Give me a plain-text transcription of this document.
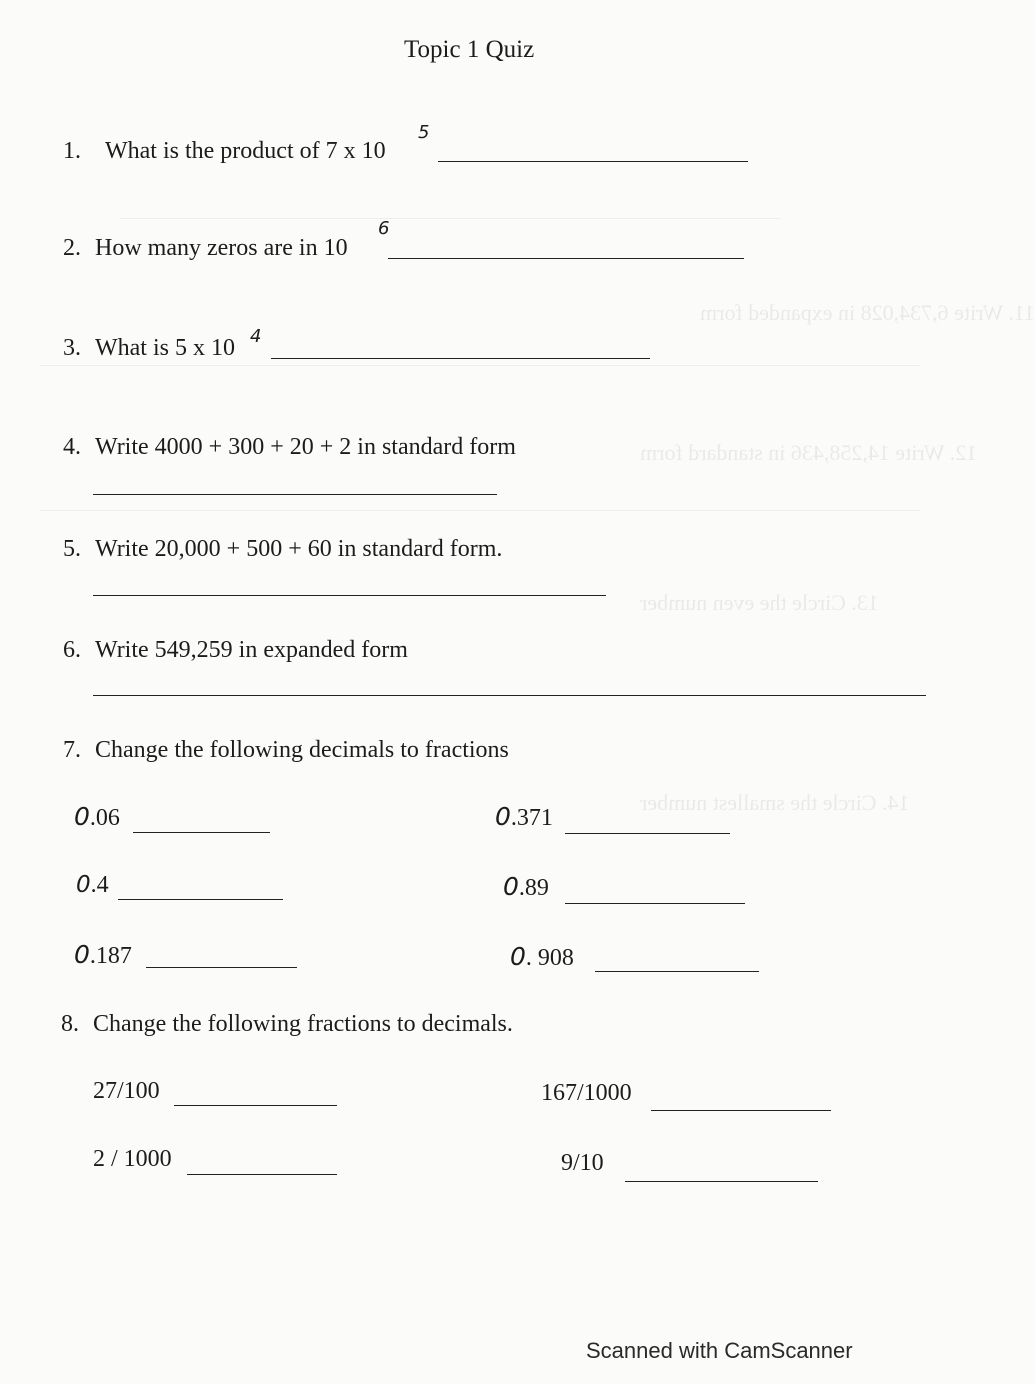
11. Write 6,734,028 in expanded form
12. Write 14,258,436 in standard form
13. Circle the even number
14. Circle the smallest number
Topic 1 Quiz
1. What is the product of 7 x 10
5
2. How many zeros are in 10
6
3. What is 5 x 10 4
4. Write 4000 + 300 + 20 + 2 in standard form
5. Write 20,000 + 500 + 60 in standard form.
6. Write 549,259 in expanded form
7. Change the following decimals to fractions
0.06	0.371
0.4	0.89
0.187	0. 908
8. Change the following fractions to decimals.
27/100	167/1000
2 / 1000	9/10
Scanned with CamScanner
